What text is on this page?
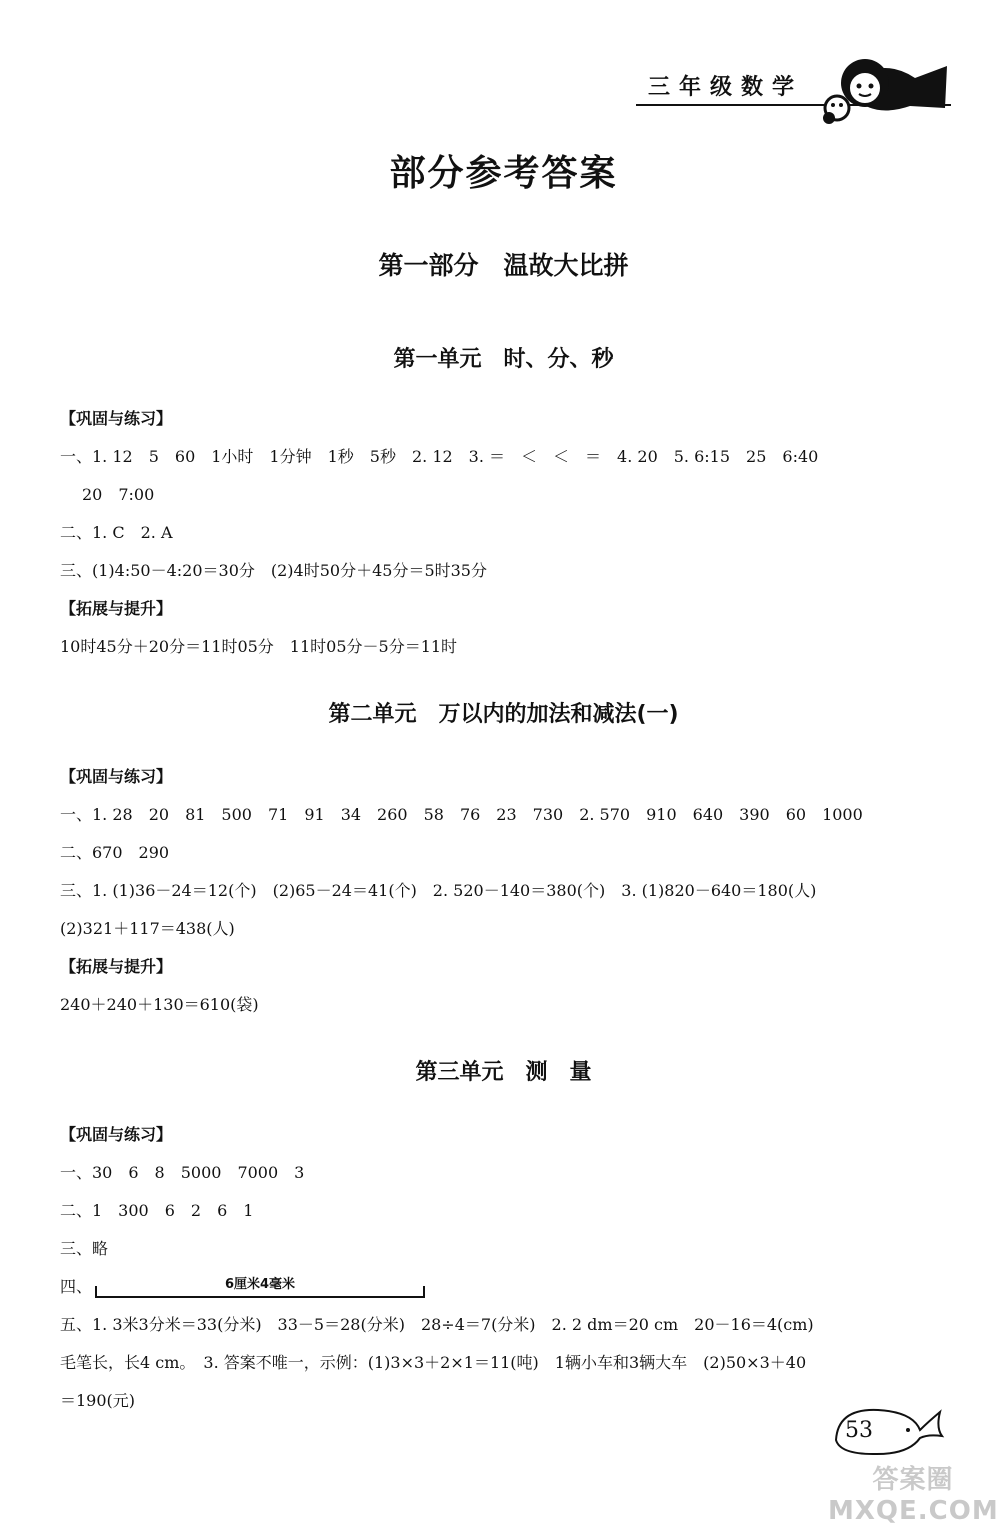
三年级数学
部分参考答案
第一部分　温故大比拼
第一单元　时、分、秒
【巩固与练习】
一、1. 12　5　60　1小时　1分钟　1秒　5秒　2. 12　3. ＝　＜　＜　＝　4. 20　5. 6:15　25　6:40
20　7:00
二、1. C　2. A
三、(1)4:50－4:20＝30分　(2)4时50分＋45分＝5时35分
【拓展与提升】
10时45分＋20分＝11时05分　11时05分－5分＝11时
第二单元　万以内的加法和减法(一)
【巩固与练习】
一、1. 28　20　81　500　71　91　34　260　58　76　23　730　2. 570　910　640　390　60　1000
二、670　290
三、1. (1)36－24＝12(个)　(2)65－24＝41(个)　2. 520－140＝380(个)　3. (1)820－640＝180(人)
(2)321＋117＝438(人)
【拓展与提升】
240＋240＋130＝610(袋)
第三单元　测　量
【巩固与练习】
一、30　6　8　5000　7000　3
二、1　300　6　2　6　1
三、略
四、	6厘米4毫米
五、1. 3米3分米＝33(分米)　33－5＝28(分米)　28÷4＝7(分米)　2. 2 dm＝20 cm　20－16＝4(cm)
毛笔长，长4 cm。　3. 答案不唯一，示例：(1)3×3＋2×1＝11(吨)　1辆小车和3辆大车　(2)50×3＋40
＝190(元)
53
答案圈 MXQE.COM
